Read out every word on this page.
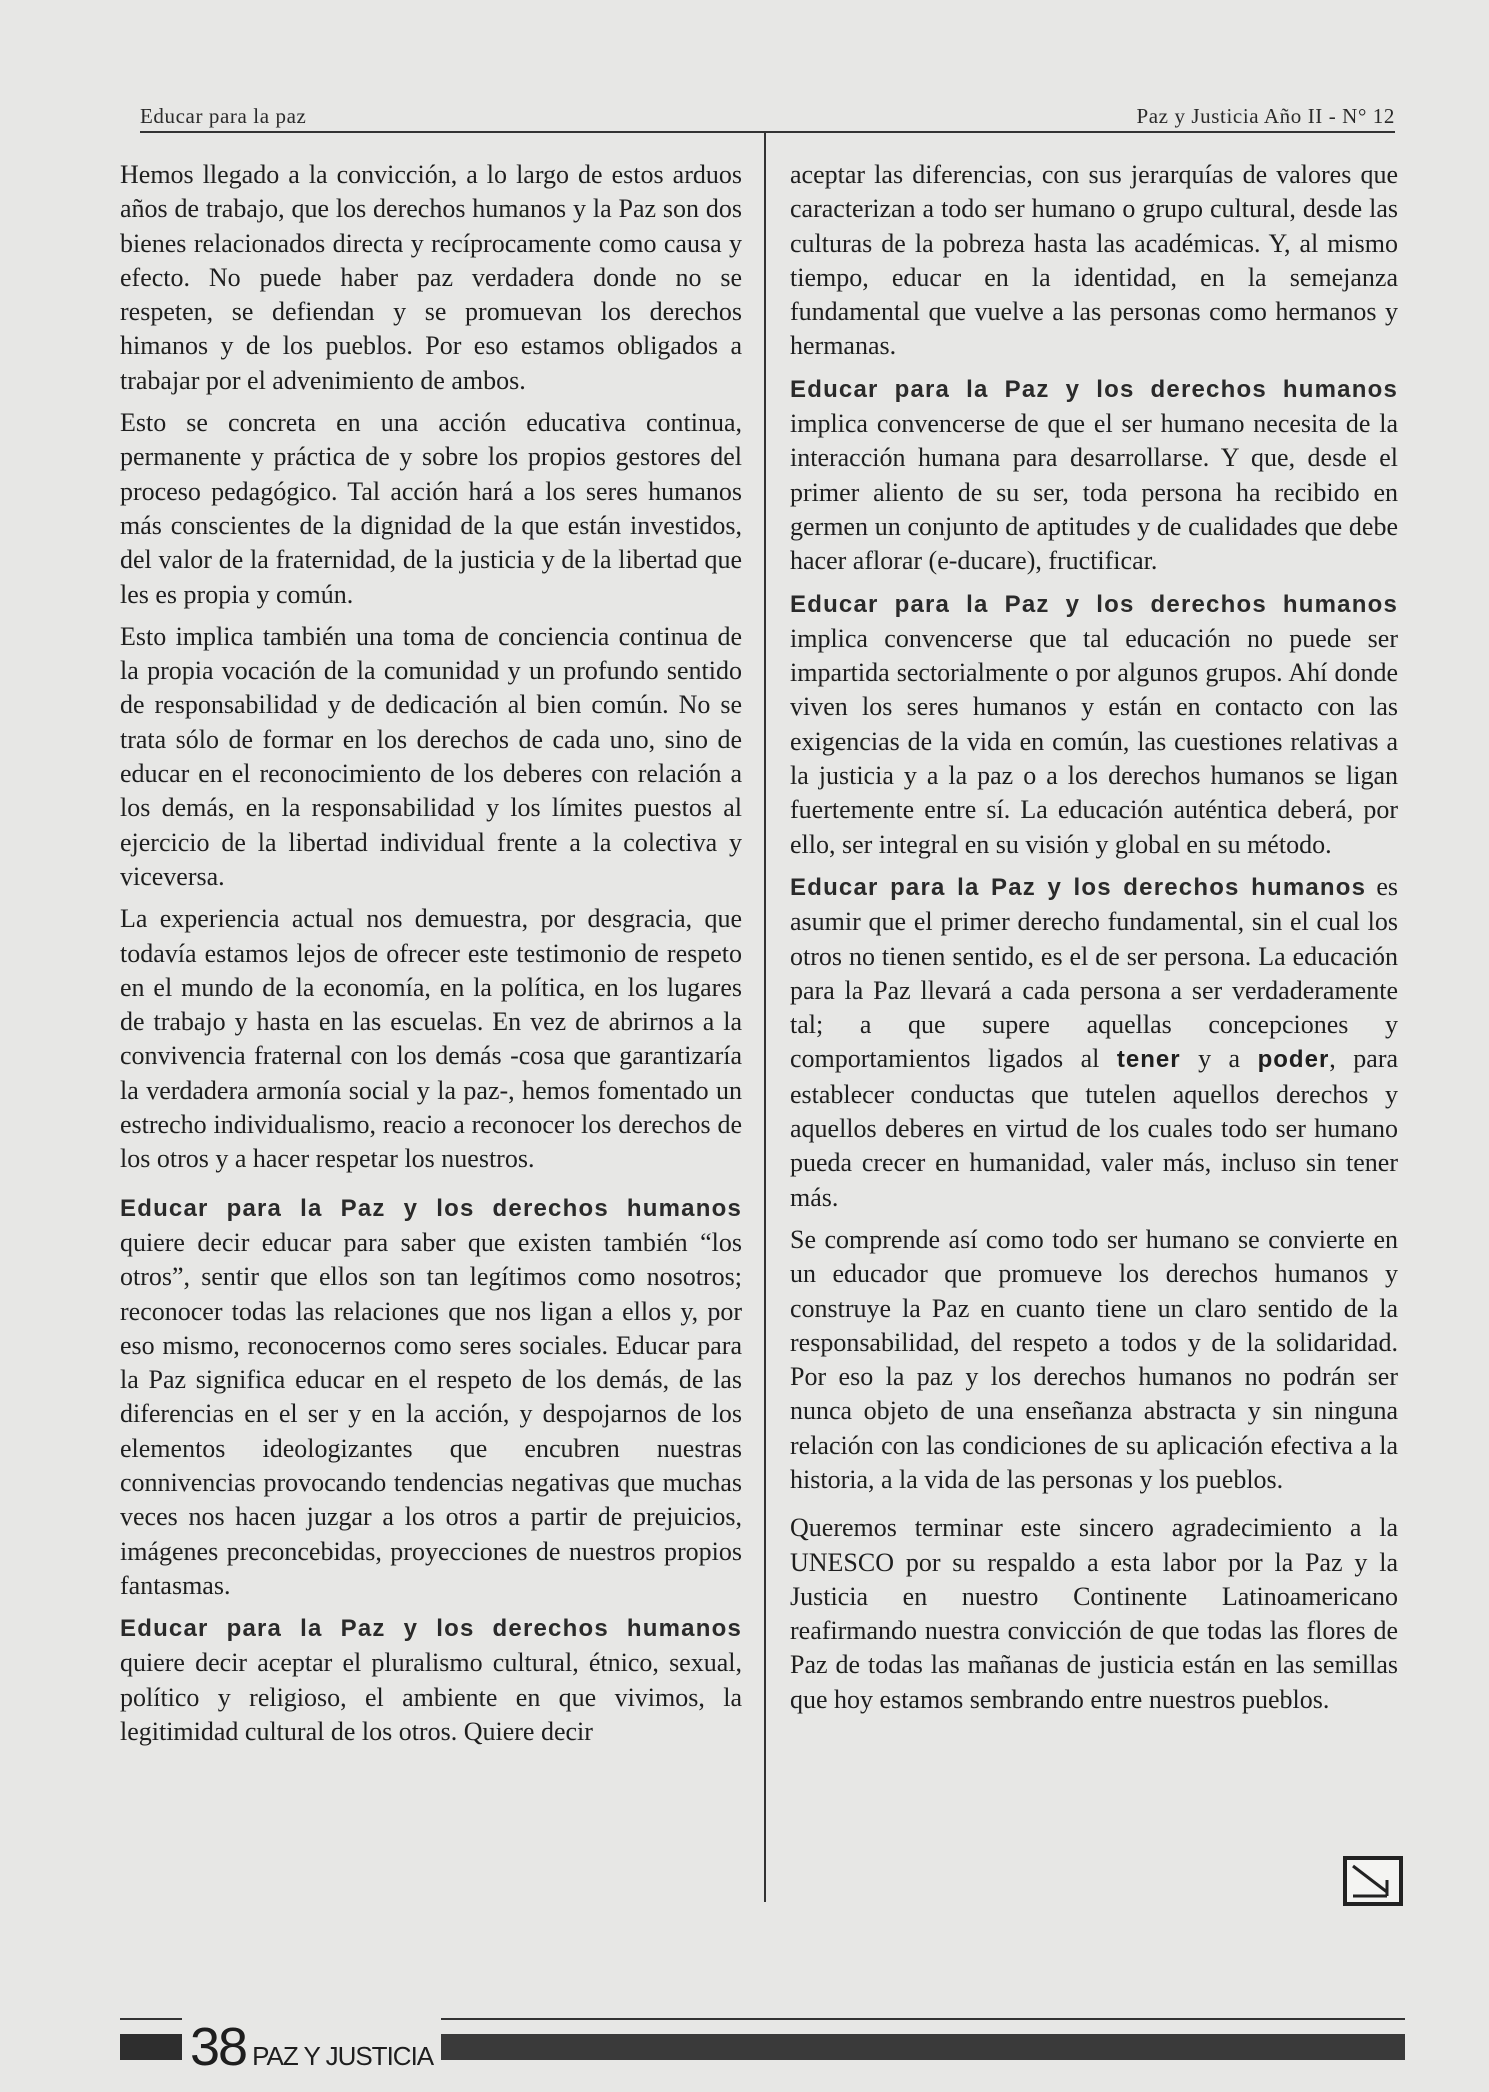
Educar para la paz	Paz y Justicia Año II - N° 12

Hemos llegado a la convicción, a lo largo de estos arduos años de trabajo, que los derechos humanos y la Paz son dos bienes relacionados directa y recíprocamente como causa y efecto. No puede haber paz verdadera donde no se respeten, se defiendan y se promuevan los derechos himanos y de los pueblos. Por eso estamos obligados a trabajar por el advenimiento de ambos.

Esto se concreta en una acción educativa continua, permanente y práctica de y sobre los propios gestores del proceso pedagógico. Tal acción hará a los seres humanos más conscientes de la dignidad de la que están investidos, del valor de la fraternidad, de la justicia y de la libertad que les es propia y común.

Esto implica también una toma de conciencia continua de la propia vocación de la comunidad y un profundo sentido de responsabilidad y de dedicación al bien común. No se trata sólo de formar en los derechos de cada uno, sino de educar en el reconocimiento de los deberes con relación a los demás, en la responsabilidad y los límites puestos al ejercicio de la libertad individual frente a la colectiva y viceversa.

La experiencia actual nos demuestra, por desgracia, que todavía estamos lejos de ofrecer este testimonio de respeto en el mundo de la economía, en la política, en los lugares de trabajo y hasta en las escuelas. En vez de abrirnos a la convivencia fraternal con los demás -cosa que garantizaría la verdadera armonía social y la paz-, hemos fomentado un estrecho individualismo, reacio a reconocer los derechos de los otros y a hacer respetar los nuestros.

Educar para la Paz y los derechos humanos quiere decir educar para saber que existen también “los otros”, sentir que ellos son tan legítimos como nosotros; reconocer todas las relaciones que nos ligan a ellos y, por eso mismo, reconocernos como seres sociales. Educar para la Paz significa educar en el respeto de los demás, de las diferencias en el ser y en la acción, y despojarnos de los elementos ideologizantes que encubren nuestras connivencias provocando tendencias negativas que muchas veces nos hacen juzgar a los otros a partir de prejuicios, imágenes preconcebidas, proyecciones de nuestros propios fantasmas.

Educar para la Paz y los derechos humanos quiere decir aceptar el pluralismo cultural, étnico, sexual, político y religioso, el ambiente en que vivimos, la legitimidad cultural de los otros. Quiere decir

aceptar las diferencias, con sus jerarquías de valores que caracterizan a todo ser humano o grupo cultural, desde las culturas de la pobreza hasta las académicas. Y, al mismo tiempo, educar en la identidad, en la semejanza fundamental que vuelve a las personas como hermanos y hermanas.

Educar para la Paz y los derechos humanos implica convencerse de que el ser humano necesita de la interacción humana para desarrollarse. Y que, desde el primer aliento de su ser, toda persona ha recibido en germen un conjunto de aptitudes y de cualidades que debe hacer aflorar (e-ducare), fructificar.

Educar para la Paz y los derechos humanos implica convencerse que tal educación no puede ser impartida sectorialmente o por algunos grupos. Ahí donde viven los seres humanos y están en contacto con las exigencias de la vida en común, las cuestiones relativas a la justicia y a la paz o a los derechos humanos se ligan fuertemente entre sí. La educación auténtica deberá, por ello, ser integral en su visión y global en su método.

Educar para la Paz y los derechos humanos es asumir que el primer derecho fundamental, sin el cual los otros no tienen sentido, es el de ser persona. La educación para la Paz llevará a cada persona a ser verdaderamente tal; a que supere aquellas concepciones y comportamientos ligados al tener y a poder, para establecer conductas que tutelen aquellos derechos y aquellos deberes en virtud de los cuales todo ser humano pueda crecer en humanidad, valer más, incluso sin tener más.

Se comprende así como todo ser humano se convierte en un educador que promueve los derechos humanos y construye la Paz en cuanto tiene un claro sentido de la responsabilidad, del respeto a todos y de la solidaridad. Por eso la paz y los derechos humanos no podrán ser nunca objeto de una enseñanza abstracta y sin ninguna relación con las condiciones de su aplicación efectiva a la historia, a la vida de las personas y los pueblos.

Queremos terminar este sincero agradecimiento a la UNESCO por su respaldo a esta labor por la Paz y la Justicia en nuestro Continente Latinoamericano reafirmando nuestra convicción de que todas las flores de Paz de todas las mañanas de justicia están en las semillas que hoy estamos sembrando entre nuestros pueblos.

38 PAZ Y JUSTICIA
